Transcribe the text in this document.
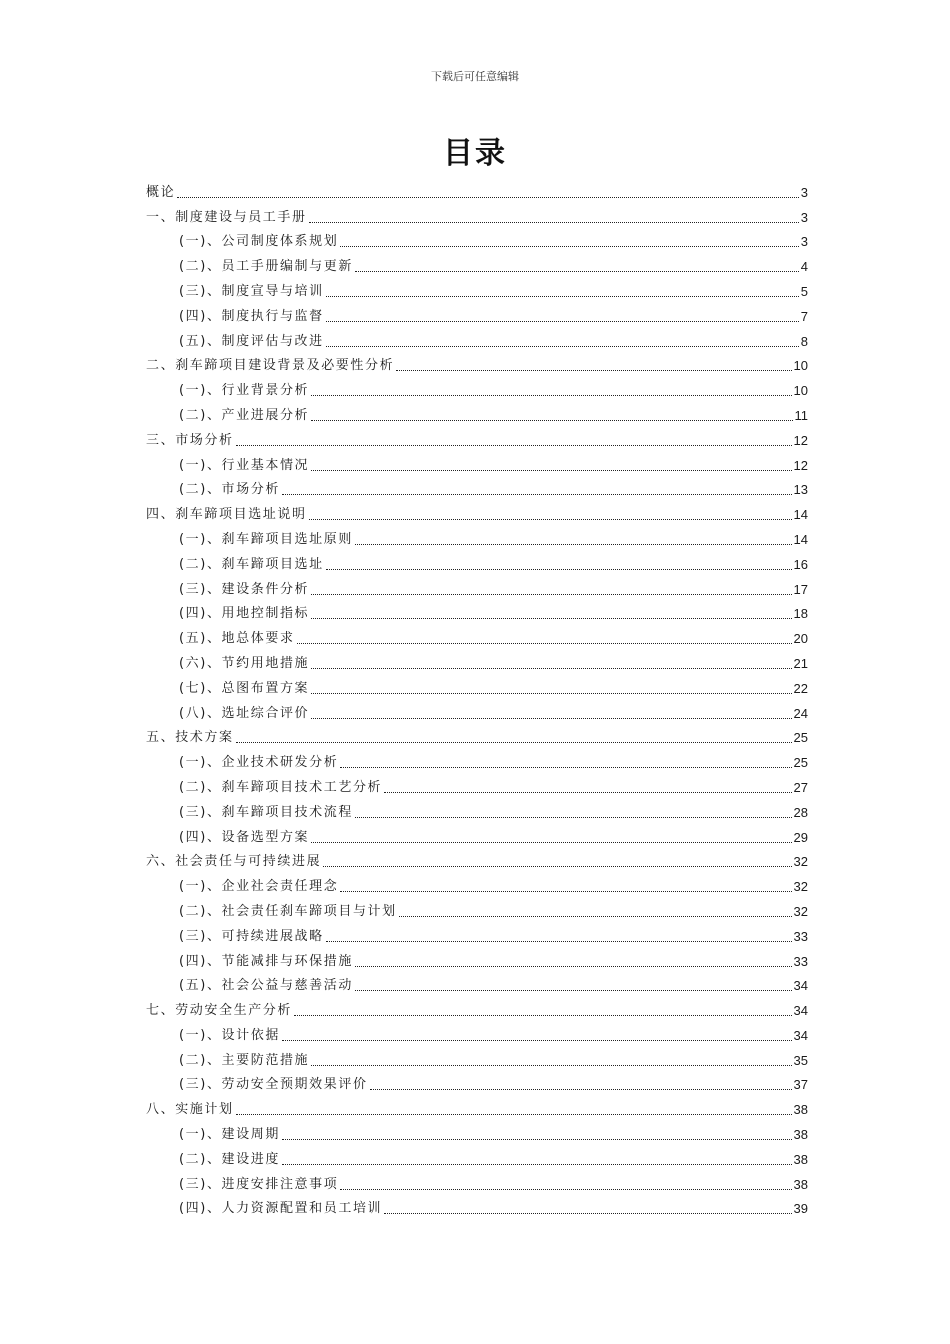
下载后可任意编辑
目录
概论	3
一、制度建设与员工手册	3
(一)、公司制度体系规划	3
(二)、员工手册编制与更新	4
(三)、制度宣导与培训	5
(四)、制度执行与监督	7
(五)、制度评估与改进	8
二、刹车蹄项目建设背景及必要性分析	10
(一)、行业背景分析	10
(二)、产业进展分析	11
三、市场分析	12
(一)、行业基本情况	12
(二)、市场分析	13
四、刹车蹄项目选址说明	14
(一)、刹车蹄项目选址原则	14
(二)、刹车蹄项目选址	16
(三)、建设条件分析	17
(四)、用地控制指标	18
(五)、地总体要求	20
(六)、节约用地措施	21
(七)、总图布置方案	22
(八)、选址综合评价	24
五、技术方案	25
(一)、企业技术研发分析	25
(二)、刹车蹄项目技术工艺分析	27
(三)、刹车蹄项目技术流程	28
(四)、设备选型方案	29
六、社会责任与可持续进展	32
(一)、企业社会责任理念	32
(二)、社会责任刹车蹄项目与计划	32
(三)、可持续进展战略	33
(四)、节能减排与环保措施	33
(五)、社会公益与慈善活动	34
七、劳动安全生产分析	34
(一)、设计依据	34
(二)、主要防范措施	35
(三)、劳动安全预期效果评价	37
八、实施计划	38
(一)、建设周期	38
(二)、建设进度	38
(三)、进度安排注意事项	38
(四)、人力资源配置和员工培训	39
